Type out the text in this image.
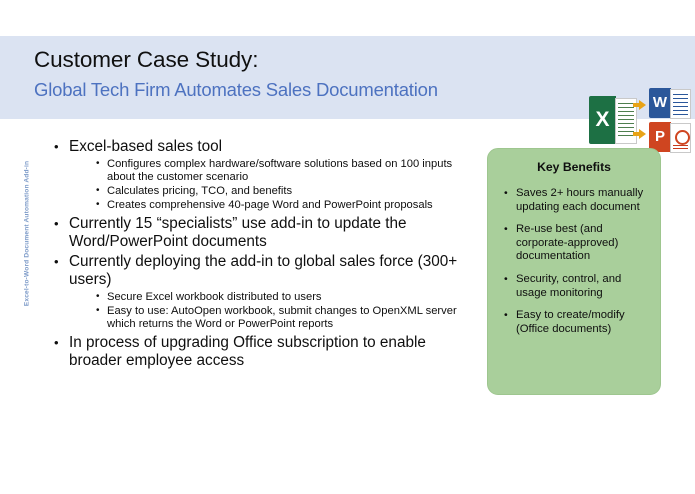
Customer Case Study:
Global Tech Firm Automates Sales Documentation
X
W
P
Excel-to-Word Document Automation Add-in
• Excel-based sales tool
• Configures complex hardware/software solutions based on 100 inputs about the customer scenario
• Calculates pricing, TCO, and benefits
• Creates comprehensive 40-page Word and PowerPoint proposals
• Currently 15 “specialists” use add-in to update the Word/PowerPoint documents
• Currently deploying the add-in to global sales force (300+ users)
• Secure Excel workbook distributed to users
• Easy to use: AutoOpen workbook, submit changes to OpenXML server which returns the Word or PowerPoint reports
• In process of upgrading Office subscription to enable broader employee access
Key Benefits
• Saves 2+ hours manually updating each document
• Re-use best (and corporate-approved) documentation
• Security, control, and usage monitoring
• Easy to create/modify (Office documents)
